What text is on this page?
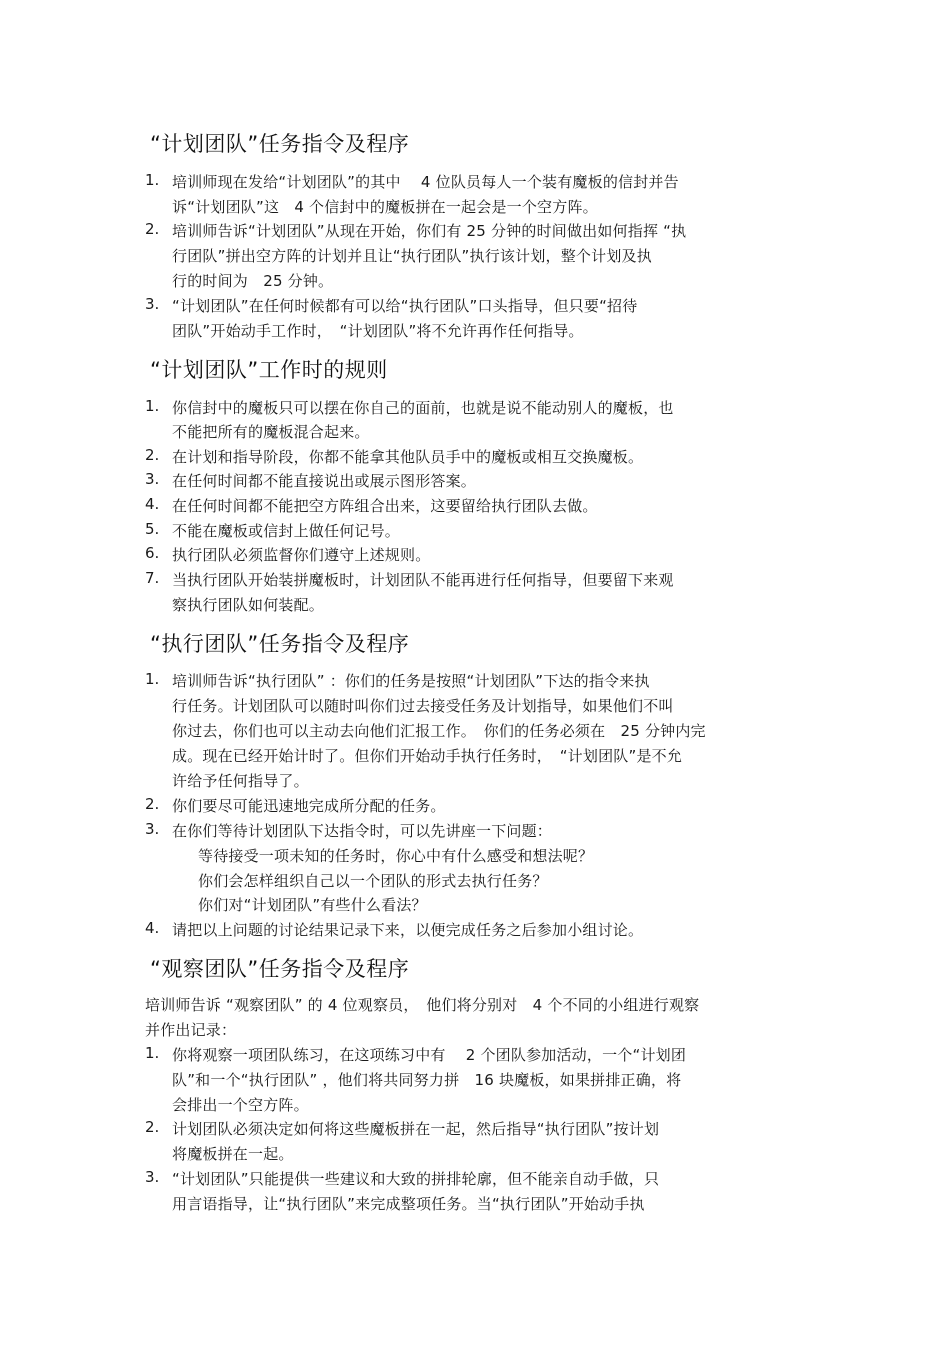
“计划团队”任务指令及程序
1. 培训师现在发给“计划团队”的其中　 4 位队员每人一个装有魔板的信封并告
诉“计划团队”这　4 个信封中的魔板拼在一起会是一个空方阵。
2. 培训师告诉“计划团队”从现在开始，你们有 25 分钟的时间做出如何指挥 “执
行团队”拼出空方阵的计划并且让“执行团队”执行该计划，整个计划及执
行的时间为　25 分钟。
3. “计划团队”在任何时候都有可以给“执行团队”口头指导，但只要“招待
团队”开始动手工作时，　“计划团队”将不允许再作任何指导。
“计划团队”工作时的规则
1. 你信封中的魔板只可以摆在你自己的面前，也就是说不能动别人的魔板，也
不能把所有的魔板混合起来。
2. 在计划和指导阶段，你都不能拿其他队员手中的魔板或相互交换魔板。
3. 在任何时间都不能直接说出或展示图形答案。
4. 在任何时间都不能把空方阵组合出来，这要留给执行团队去做。
5. 不能在魔板或信封上做任何记号。
6. 执行团队必须监督你们遵守上述规则。
7. 当执行团队开始装拼魔板时，计划团队不能再进行任何指导，但要留下来观
察执行团队如何装配。
“执行团队”任务指令及程序
1. 培训师告诉“执行团队” ：你们的任务是按照“计划团队”下达的指令来执
行任务。计划团队可以随时叫你们过去接受任务及计划指导，如果他们不叫
你过去，你们也可以主动去向他们汇报工作。　你们的任务必须在　25 分钟内完
成。现在已经开始计时了。但你们开始动手执行任务时，　“计划团队”是不允
许给予任何指导了。
2. 你们要尽可能迅速地完成所分配的任务。
3. 在你们等待计划团队下达指令时，可以先讲座一下问题：
等待接受一项未知的任务时，你心中有什么感受和想法呢？
你们会怎样组织自己以一个团队的形式去执行任务？
你们对“计划团队”有些什么看法？
4. 请把以上问题的讨论结果记录下来，以便完成任务之后参加小组讨论。
“观察团队”任务指令及程序
培训师告诉 “观察团队” 的 4 位观察员，　他们将分别对　4 个不同的小组进行观察
并作出记录：
1. 你将观察一项团队练习，在这项练习中有　 2 个团队参加活动，一个“计划团
队”和一个“执行团队” ，他们将共同努力拼　16 块魔板，如果拼排正确，将
会排出一个空方阵。
2. 计划团队必须决定如何将这些魔板拼在一起，然后指导“执行团队”按计划
将魔板拼在一起。
3. “计划团队”只能提供一些建议和大致的拼排轮廓，但不能亲自动手做，只
用言语指导，让“执行团队”来完成整项任务。当“执行团队”开始动手执
